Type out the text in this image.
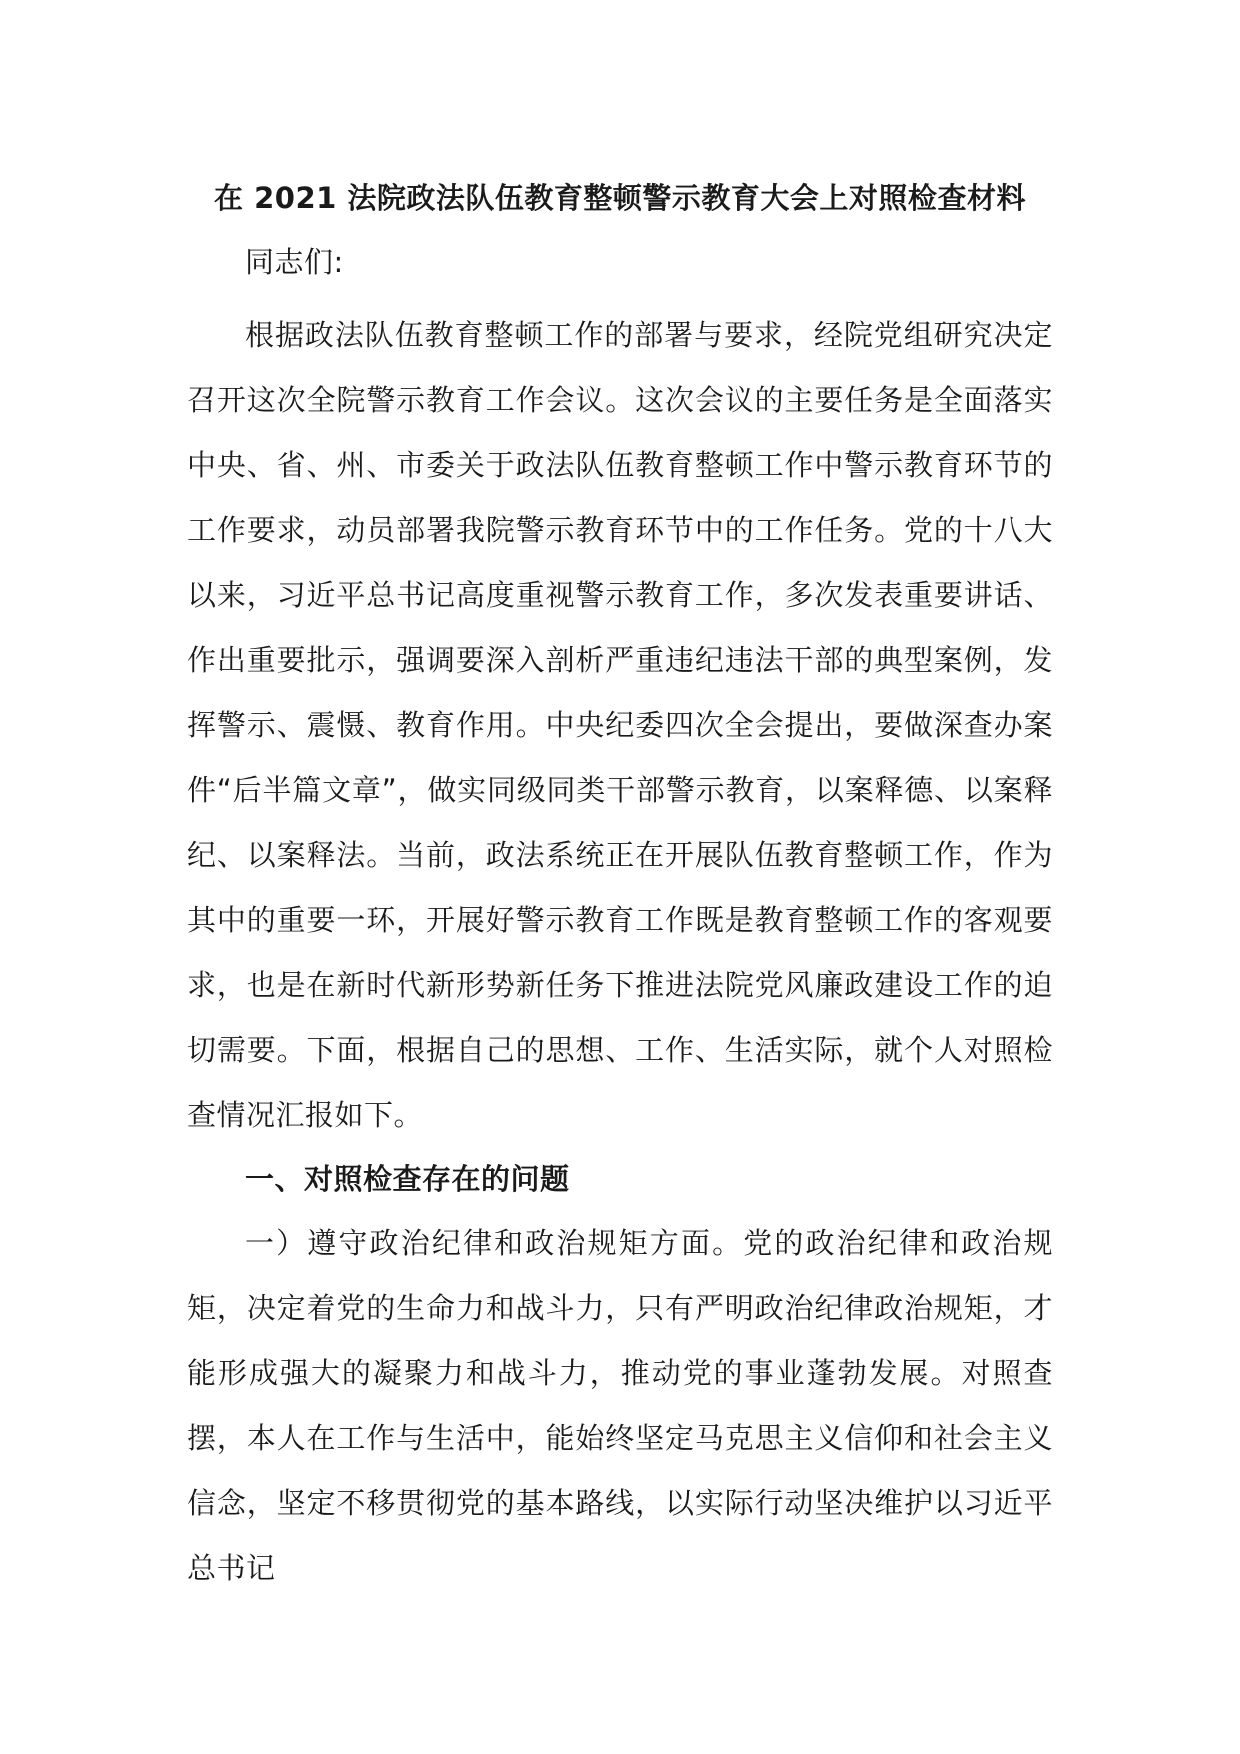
在 2021 法院政法队伍教育整顿警示教育大会上对照检查材料

同志们:

根据政法队伍教育整顿工作的部署与要求，经院党组研究决定召开这次全院警示教育工作会议。这次会议的主要任务是全面落实中央、省、州、市委关于政法队伍教育整顿工作中警示教育环节的工作要求，动员部署我院警示教育环节中的工作任务。党的十八大以来，习近平总书记高度重视警示教育工作，多次发表重要讲话、作出重要批示，强调要深入剖析严重违纪违法干部的典型案例，发挥警示、震慑、教育作用。中央纪委四次全会提出，要做深查办案件“后半篇文章”，做实同级同类干部警示教育，以案释德、以案释纪、以案释法。当前，政法系统正在开展队伍教育整顿工作，作为其中的重要一环，开展好警示教育工作既是教育整顿工作的客观要求，也是在新时代新形势新任务下推进法院党风廉政建设工作的迫切需要。下面，根据自己的思想、工作、生活实际，就个人对照检查情况汇报如下。

一、对照检查存在的问题

一）遵守政治纪律和政治规矩方面。党的政治纪律和政治规矩，决定着党的生命力和战斗力，只有严明政治纪律政治规矩，才能形成强大的凝聚力和战斗力，推动党的事业蓬勃发展。对照查摆，本人在工作与生活中，能始终坚定马克思主义信仰和社会主义信念，坚定不移贯彻党的基本路线，以实际行动坚决维护以习近平总书记
